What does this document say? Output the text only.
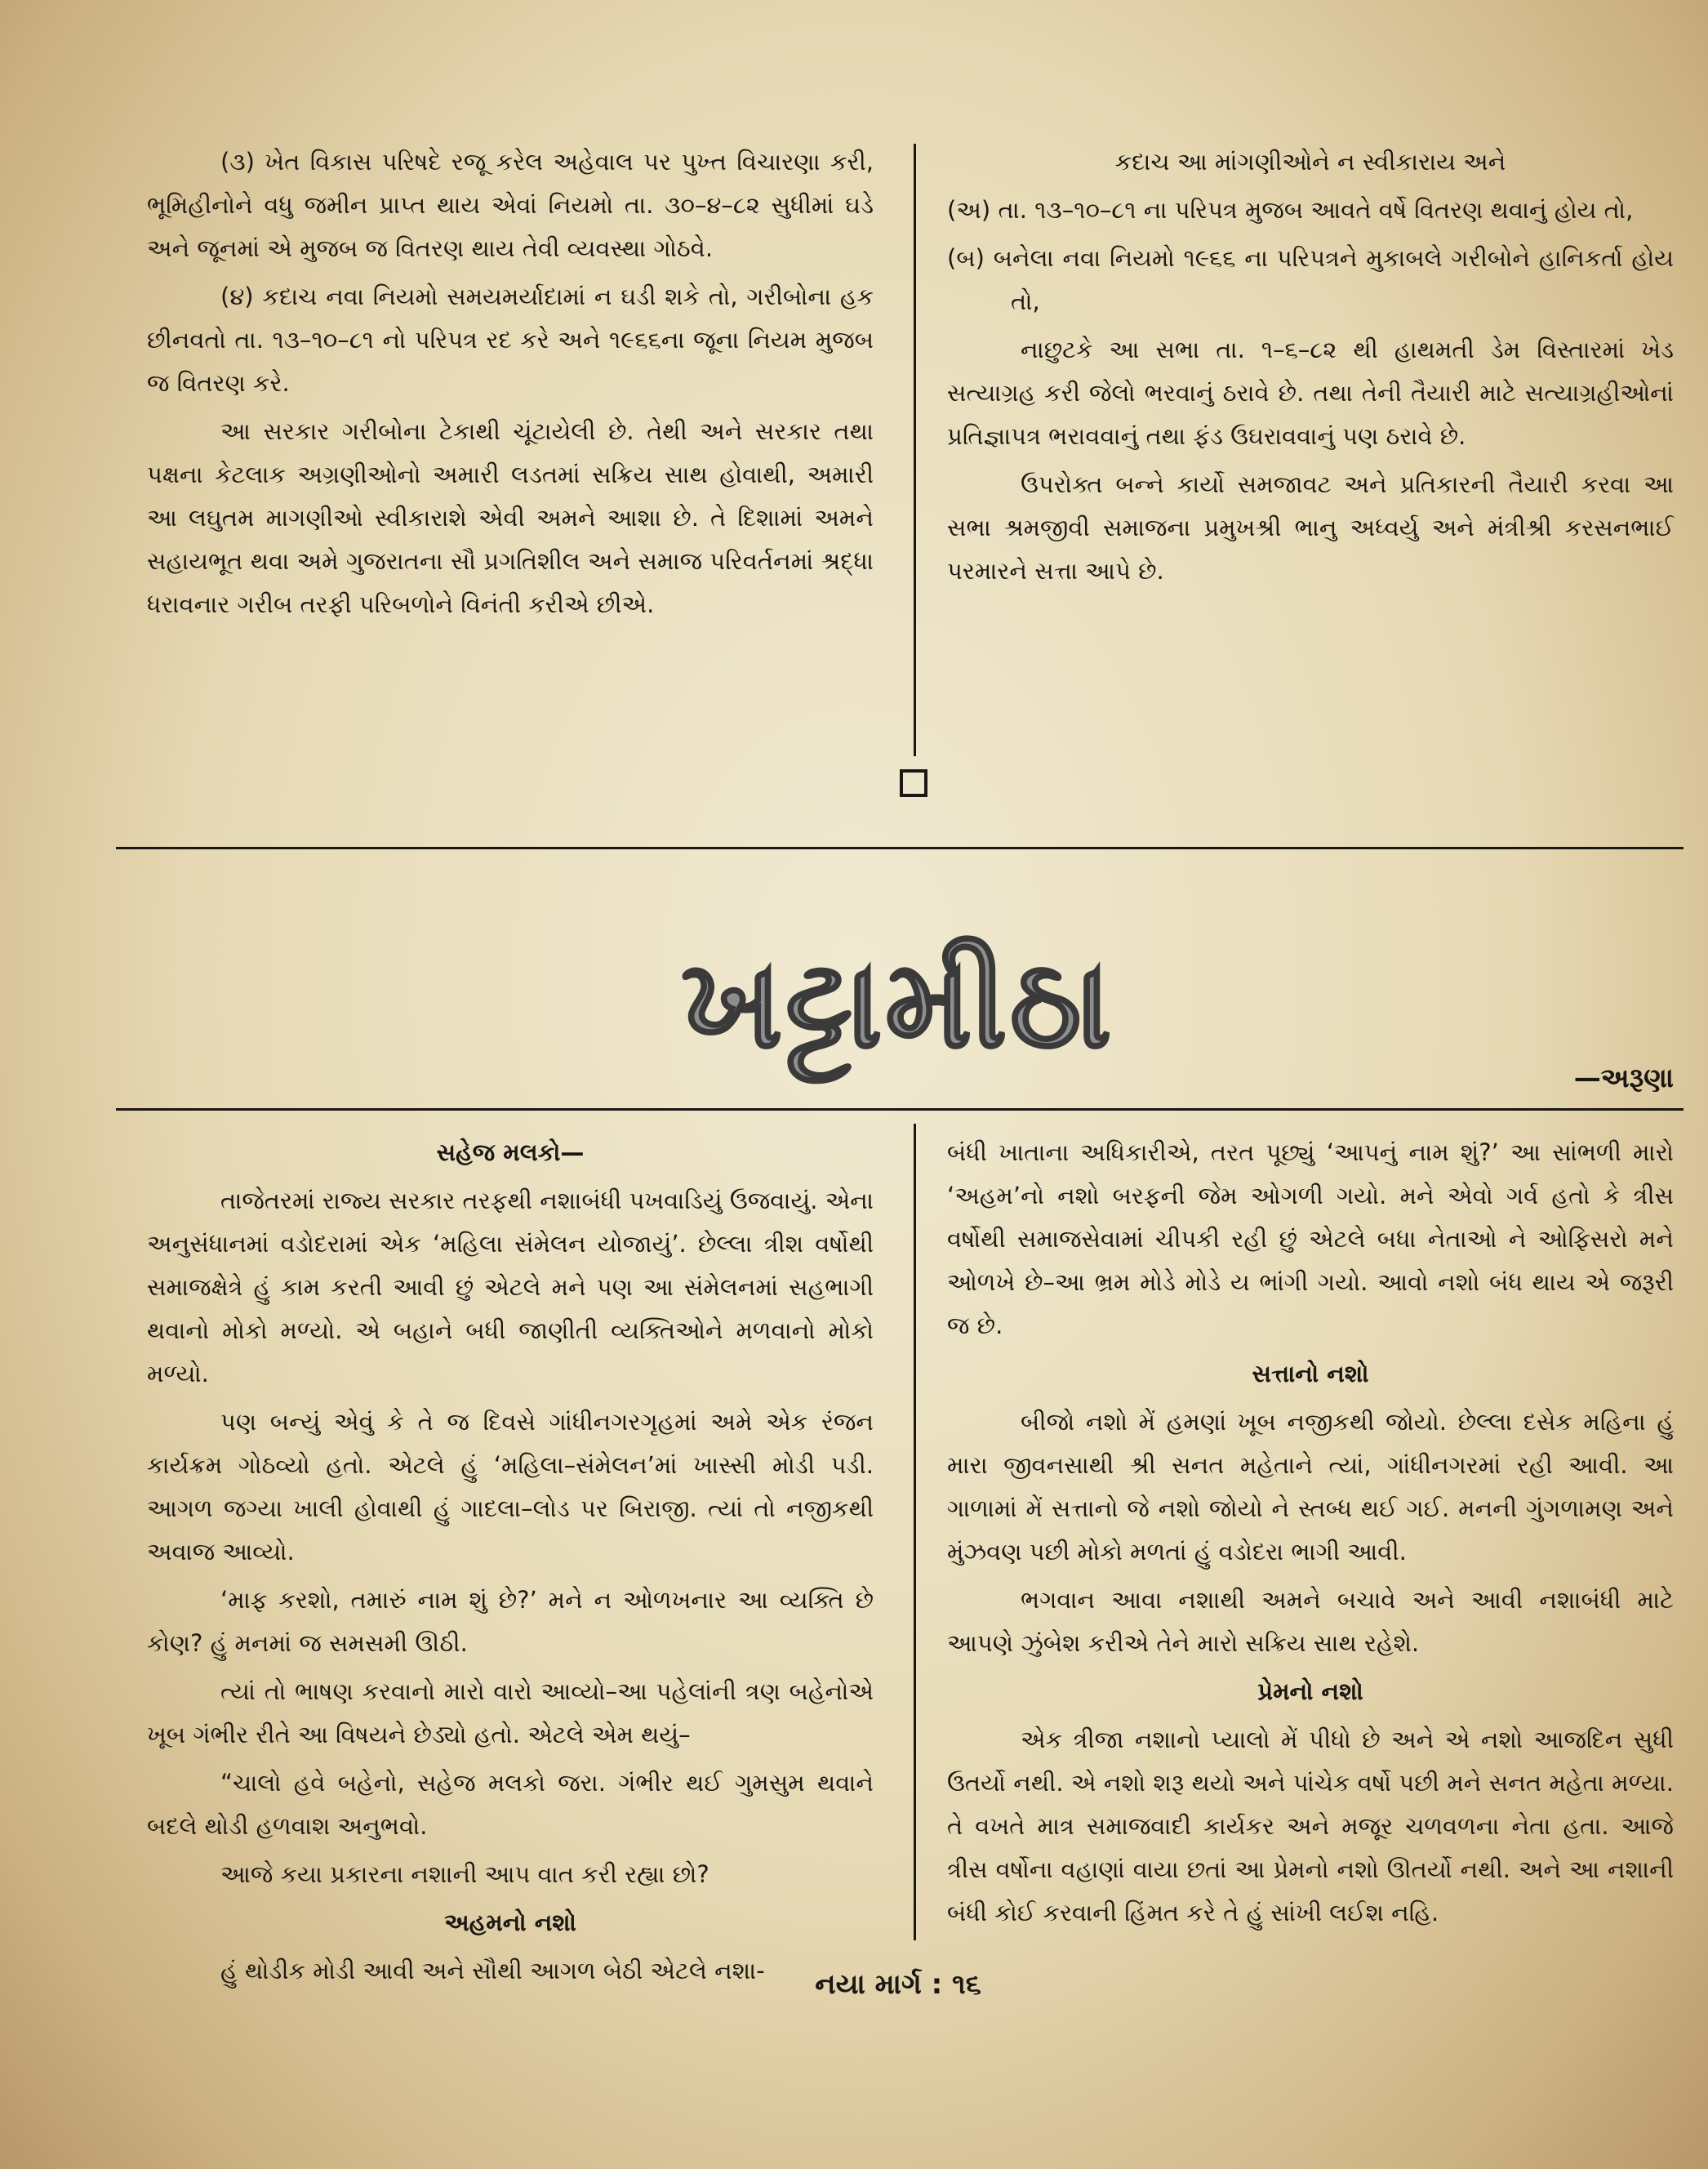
(૩) ખેત વિકાસ પરિષદે રજૂ કરેલ અહેવાલ પર પુખ્ત વિચારણા કરી, ભૂમિહીનોને વધુ જમીન પ્રાપ્ત થાય એવાં નિયમો તા. ૩૦–૪–૮૨ સુધીમાં ઘડે અને જૂનમાં એ મુજબ જ વિતરણ થાય તેવી વ્યવસ્થા ગોઠવે.

(૪) કદાચ નવા નિયમો સમયમર્યાદામાં ન ઘડી શકે તો, ગરીબોના હક છીનવતો તા. ૧૩–૧૦–૮૧ નો પરિપત્ર રદ કરે અને ૧૯૬૬ના જૂના નિયમ મુજબ જ વિતરણ કરે.

આ સરકાર ગરીબોના ટેકાથી ચૂંટાયેલી છે. તેથી અને સરકાર તથા પક્ષના કેટલાક અગ્રણીઓનો અમારી લડતમાં સક્રિય સાથ હોવાથી, અમારી આ લઘુતમ માગણીઓ સ્વીકારાશે એવી અમને આશા છે. તે દિશામાં અમને સહાયભૂત થવા અમે ગુજરાતના સૌ પ્રગતિશીલ અને સમાજ પરિવર્તનમાં શ્રદ્ધા ધરાવનાર ગરીબ તરફી પરિબળોને વિનંતી કરીએ છીએ.

કદાચ આ માંગણીઓને ન સ્વીકારાય અને

(અ) તા. ૧૩–૧૦–૮૧ ના પરિપત્ર મુજબ આવતે વર્ષે વિતરણ થવાનું હોય તો,

(બ) બનેલા નવા નિયમો ૧૯૬૬ ના પરિપત્રને મુકાબલે ગરીબોને હાનિકર્તા હોય તો,

નાછુટકે આ સભા તા. ૧–૬–૮૨ થી હાથમતી ડેમ વિસ્તારમાં ખેડ સત્યાગ્રહ કરી જેલો ભરવાનું ઠરાવે છે. તથા તેની તૈયારી માટે સત્યાગ્રહીઓનાં પ્રતિજ્ઞાપત્ર ભરાવવાનું તથા ફંડ ઉઘરાવવાનું પણ ઠરાવે છે.

ઉપરોક્ત બન્ને કાર્યો સમજાવટ અને પ્રતિકારની તૈયારી કરવા આ સભા શ્રમજીવી સમાજના પ્રમુખશ્રી ભાનુ અધ્વર્યુ અને મંત્રીશ્રી કરસનભાઈ પરમારને સત્તા આપે છે.

ખટ્ટામીઠા
—અરૂણા

સહેજ મલકો—

તાજેતરમાં રાજ્ય સરકાર તરફથી નશાબંધી પખવાડિયું ઉજવાયું. એના અનુસંધાનમાં વડોદરામાં એક ‘મહિલા સંમેલન યોજાયું’. છેલ્લા ત્રીશ વર્ષોથી સમાજક્ષેત્રે હું કામ કરતી આવી છું એટલે મને પણ આ સંમેલનમાં સહભાગી થવાનો મોકો મળ્યો. એ બહાને બધી જાણીતી વ્યક્તિઓને મળવાનો મોકો મળ્યો.

પણ બન્યું એવું કે તે જ દિવસે ગાંધીનગરગૃહમાં અમે એક રંજન કાર્યક્રમ ગોઠવ્યો હતો. એટલે હું ‘મહિલા–સંમેલન’માં ખાસ્સી મોડી પડી. આગળ જગ્યા ખાલી હોવાથી હું ગાદલા–લોડ પર બિરાજી. ત્યાં તો નજીકથી અવાજ આવ્યો.

‘માફ કરશો, તમારું નામ શું છે?’ મને ન ઓળખનાર આ વ્યક્તિ છે કોણ? હું મનમાં જ સમસમી ઊઠી.

ત્યાં તો ભાષણ કરવાનો મારો વારો આવ્યો–આ પહેલાંની ત્રણ બહેનોએ ખૂબ ગંભીર રીતે આ વિષયને છેડ્યો હતો. એટલે એમ થયું–

“ચાલો હવે બહેનો, સહેજ મલકો જરા. ગંભીર થઈ ગુમસુમ થવાને બદલે થોડી હળવાશ અનુભવો.

આજે કયા પ્રકારના નશાની આપ વાત કરી રહ્યા છો?

અહમનો નશો

હું થોડીક મોડી આવી અને સૌથી આગળ બેઠી એટલે નશા-

બંધી ખાતાના અધિકારીએ, તરત પૂછ્યું ‘આપનું નામ શું?’ આ સાંભળી મારો ‘અહમ’નો નશો બરફની જેમ ઓગળી ગયો. મને એવો ગર્વ હતો કે ત્રીસ વર્ષોથી સમાજસેવામાં ચીપકી રહી છું એટલે બધા નેતાઓ ને ઓફિસરો મને ઓળખે છે–આ ભ્રમ મોડે મોડે ય ભાંગી ગયો. આવો નશો બંધ થાય એ જરૂરી જ છે.

સત્તાનો નશો

બીજો નશો મેં હમણાં ખૂબ નજીકથી જોયો. છેલ્લા દસેક મહિના હું મારા જીવનસાથી શ્રી સનત મહેતાને ત્યાં, ગાંધીનગરમાં રહી આવી. આ ગાળામાં મેં સત્તાનો જે નશો જોયો ને સ્તબ્ધ થઈ ગઈ. મનની ગુંગળામણ અને મુંઝવણ પછી મોકો મળતાં હું વડોદરા ભાગી આવી.

ભગવાન આવા નશાથી અમને બચાવે અને આવી નશાબંધી માટે આપણે ઝુંબેશ કરીએ તેને મારો સક્રિય સાથ રહેશે.

પ્રેમનો નશો

એક ત્રીજા નશાનો પ્યાલો મેં પીધો છે અને એ નશો આજદિન સુધી ઉતર્યો નથી. એ નશો શરૂ થયો અને પાંચેક વર્ષો પછી મને સનત મહેતા મળ્યા. તે વખતે માત્ર સમાજવાદી કાર્યકર અને મજૂર ચળવળના નેતા હતા. આજે ત્રીસ વર્ષોના વહાણાં વાયા છતાં આ પ્રેમનો નશો ઊતર્યો નથી. અને આ નશાની બંધી કોઈ કરવાની હિંમત કરે તે હું સાંખી લઈશ નહિ.

નયા માર્ગ : ૧૬
